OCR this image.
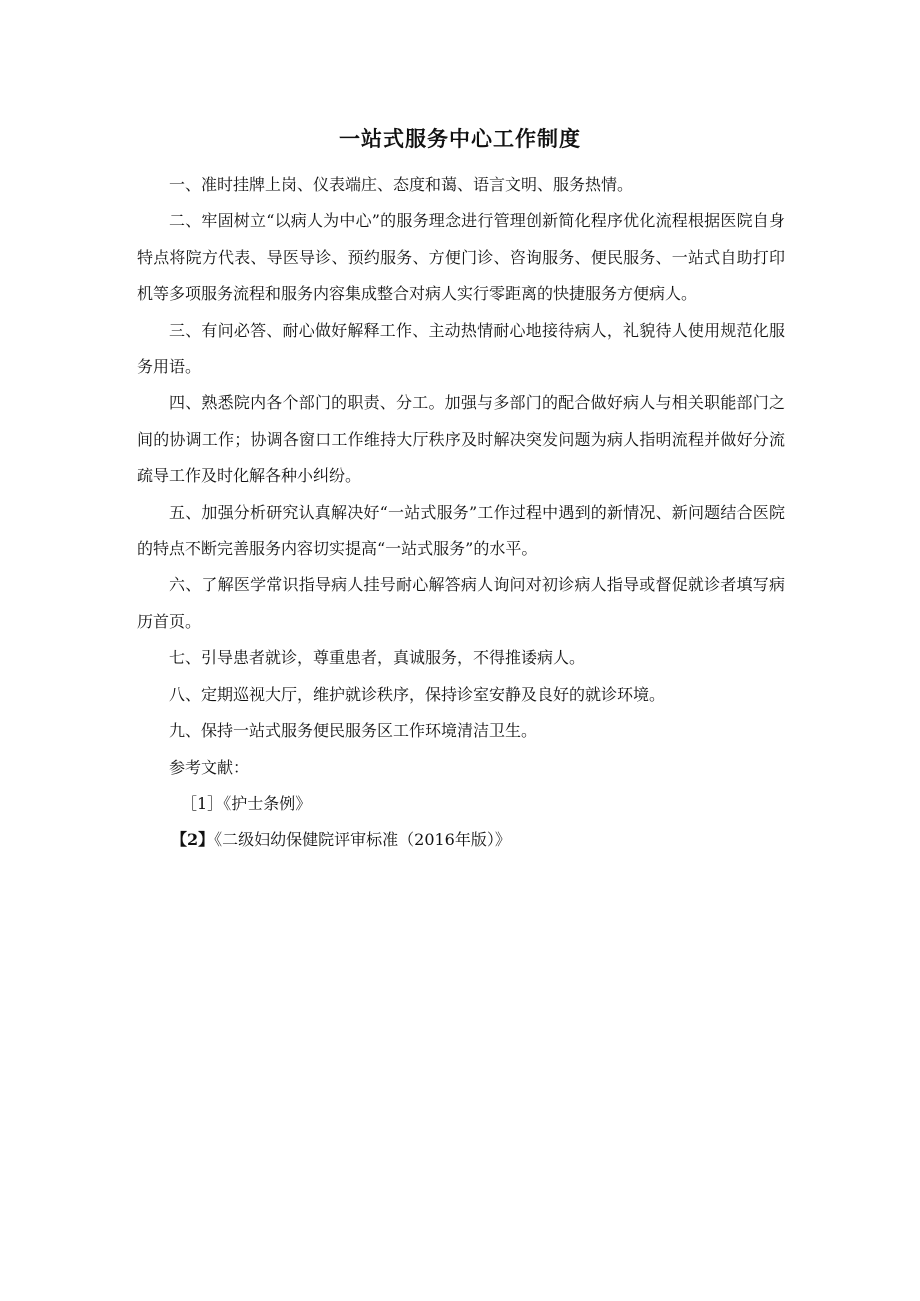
一站式服务中心工作制度

一、准时挂牌上岗、仪表端庄、态度和蔼、语言文明、服务热情。

二、牢固树立“以病人为中心”的服务理念进行管理创新简化程序优化流程根据医院自身特点将院方代表、导医导诊、预约服务、方便门诊、咨询服务、便民服务、一站式自助打印机等多项服务流程和服务内容集成整合对病人实行零距离的快捷服务方便病人。

三、有问必答、耐心做好解释工作、主动热情耐心地接待病人，礼貌待人使用规范化服务用语。

四、熟悉院内各个部门的职责、分工。加强与多部门的配合做好病人与相关职能部门之间的协调工作；协调各窗口工作维持大厅秩序及时解决突发问题为病人指明流程并做好分流疏导工作及时化解各种小纠纷。

五、加强分析研究认真解决好“一站式服务”工作过程中遇到的新情况、新问题结合医院的特点不断完善服务内容切实提高“一站式服务”的水平。

六、了解医学常识指导病人挂号耐心解答病人询问对初诊病人指导或督促就诊者填写病历首页。

七、引导患者就诊，尊重患者，真诚服务，不得推诿病人。

八、定期巡视大厅，维护就诊秩序，保持诊室安静及良好的就诊环境。

九、保持一站式服务便民服务区工作环境清洁卫生。

参考文献：

［1］《护士条例》

【2】《二级妇幼保健院评审标准（2016年版）》
